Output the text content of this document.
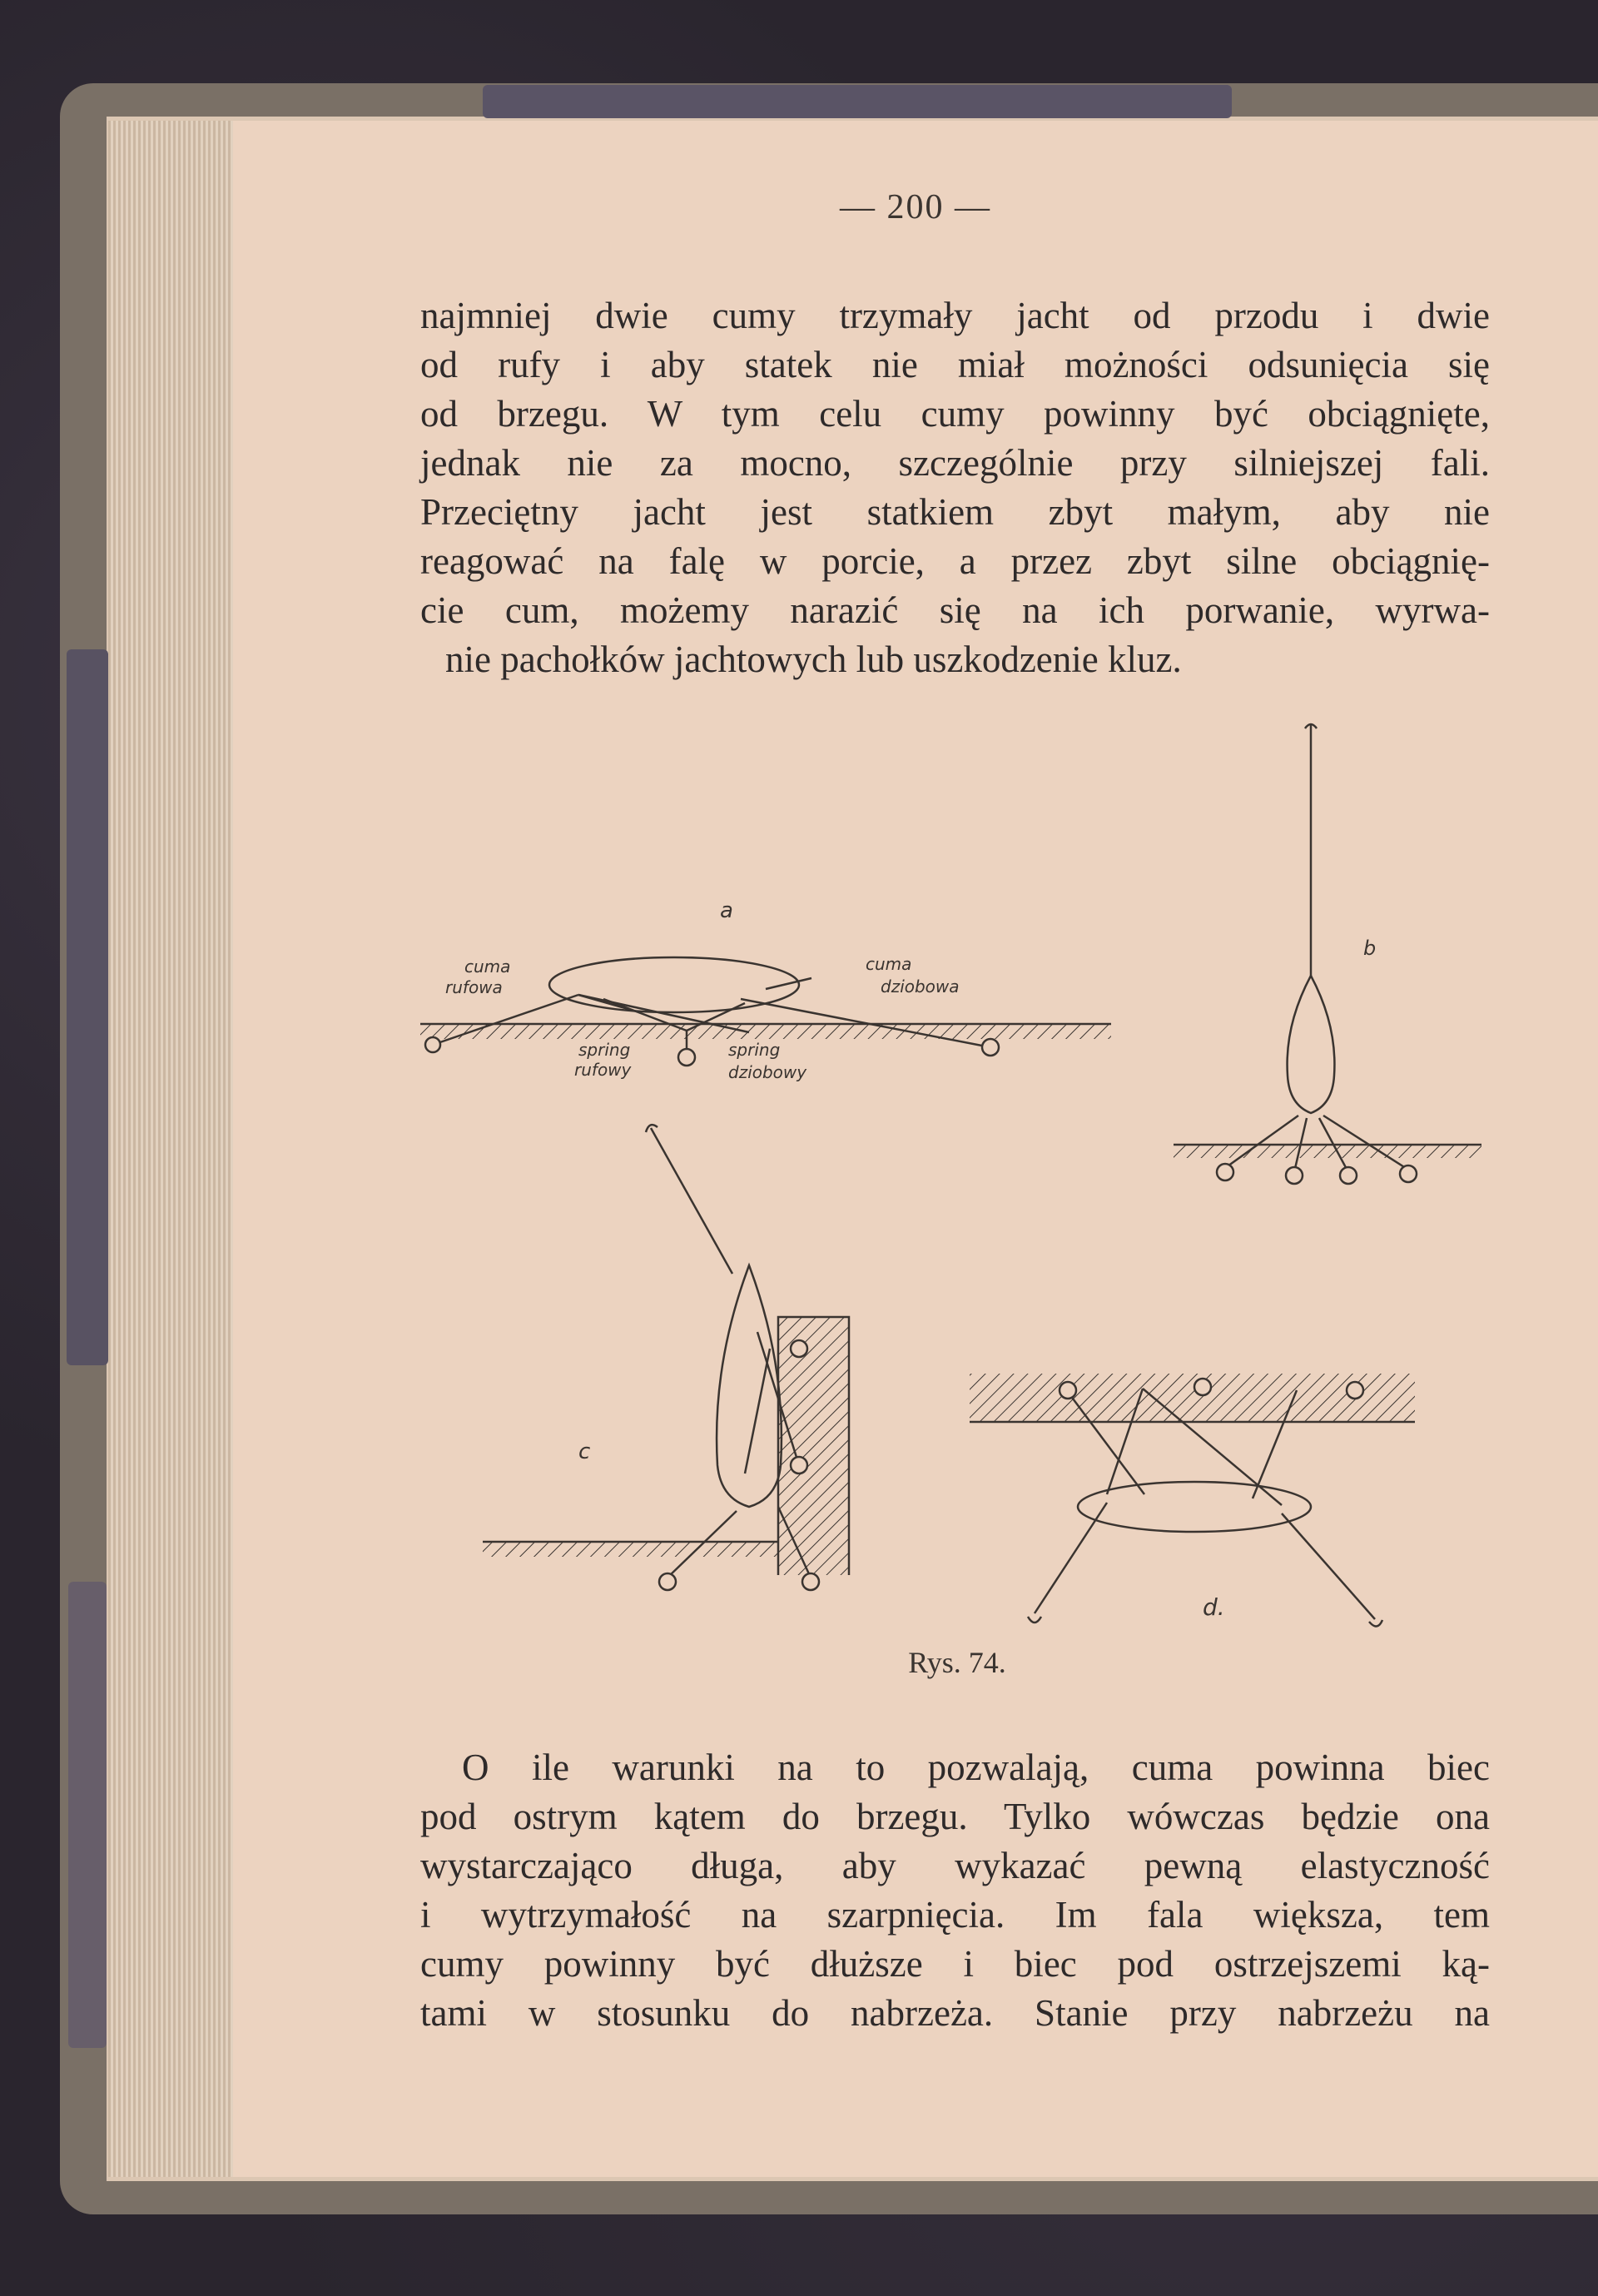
— 200 —
najmniej dwie cumy trzymały jacht od przodu i dwie
od rufy i aby statek nie miał możności odsunięcia się
od brzegu. W tym celu cumy powinny być obciągnięte,
jednak nie za mocno, szczególnie przy silniejszej fali.
Przeciętny jacht jest statkiem zbyt małym, aby nie
reagować na falę w porcie, a przez zbyt silne obciągnię-
cie cum, możemy narazić się na ich porwanie, wyrwa-
nie pachołków jachtowych lub uszkodzenie kluz.
a
b
c
d.
cuma
rufowa
cuma
dziobowa
spring
rufowy
spring
dziobowy
Rys. 74.
O ile warunki na to pozwalają, cuma powinna biec
pod ostrym kątem do brzegu. Tylko wówczas będzie ona
wystarczająco długa, aby wykazać pewną elastyczność
i wytrzymałość na szarpnięcia. Im fala większa, tem
cumy powinny być dłuższe i biec pod ostrzejszemi ką-
tami w stosunku do nabrzeża. Stanie przy nabrzeżu na
